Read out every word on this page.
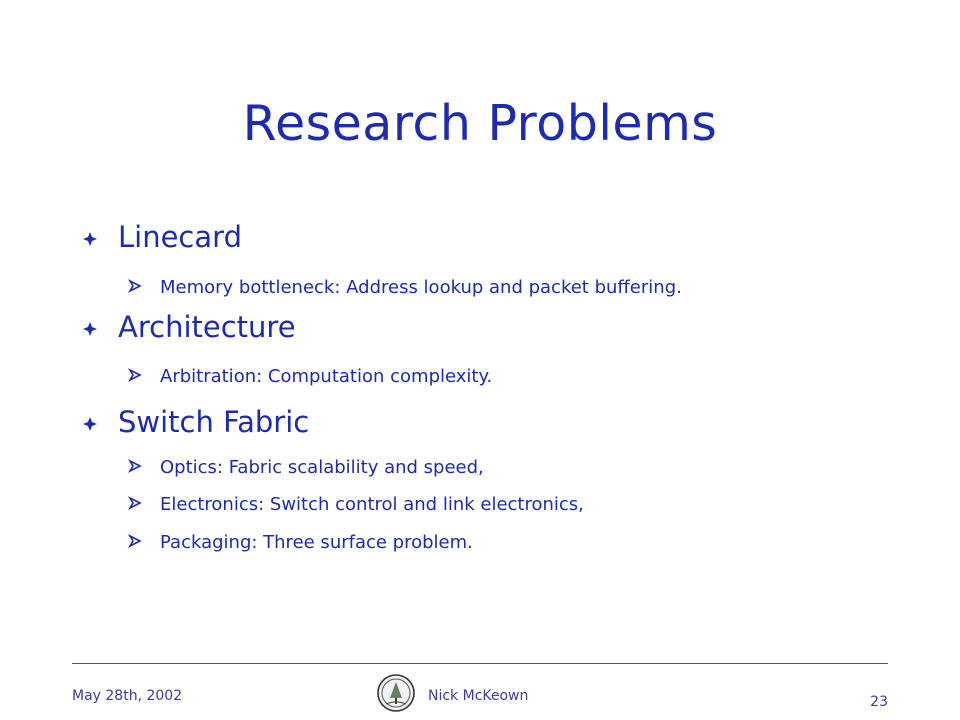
Research Problems
Linecard
Memory bottleneck: Address lookup and packet buffering.
Architecture
Arbitration: Computation complexity.
Switch Fabric
Optics: Fabric scalability and speed,
Electronics: Switch control and link electronics,
Packaging: Three surface problem.
May 28th, 2002	Nick McKeown	23
